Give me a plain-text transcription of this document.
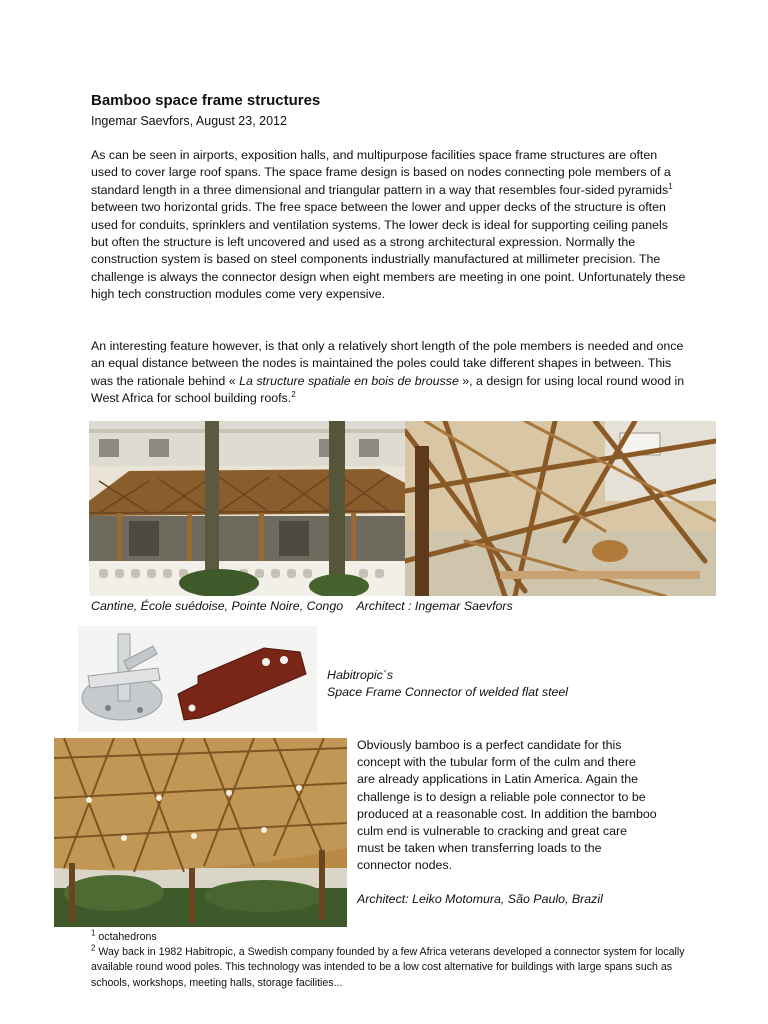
Bamboo space frame structures
Ingemar Saevfors, August 23, 2012

As can be seen in airports, exposition halls, and multipurpose facilities space frame structures are often used to cover large roof spans. The space frame design is based on nodes connecting pole members of a standard length in a three dimensional and triangular pattern in a way that resembles four-sided pyramids$^1$ between two horizontal grids. The free space between the lower and upper decks of the structure is often used for conduits, sprinklers and ventilation systems. The lower deck is ideal for supporting ceiling panels but often the structure is left uncovered and used as a strong architectural expression. Normally the construction system is based on steel components industrially manufactured at millimeter precision. The challenge is always the connector design when eight members are meeting in one point. Unfortunately these high tech construction modules come very expensive.

An interesting feature however, is that only a relatively short length of the pole members is needed and once an equal distance between the nodes is maintained the poles could take different shapes in between. This was the rationale behind « La structure spatiale en bois de brousse », a design for using local round wood in West Africa for school building roofs.$^2$

Cantine, École suédoise, Pointe Noire, Congo    Architect : Ingemar Saevfors
Habitropic´s
Space Frame Connector of welded flat steel

Obviously bamboo is a perfect candidate for this concept with the tubular form of the culm and there are already applications in Latin America. Again the challenge is to design a reliable pole connector to be produced at a reasonable cost. In addition the bamboo culm end is vulnerable to cracking and great care must be taken when transferring loads to the connector nodes.

Architect: Leiko Motomura, São Paulo, Brazil

$^1$ octahedrons

$^2$ Way back in 1982 Habitropic, a Swedish company founded by a few Africa veterans developed a connector system for locally available round wood poles. This technology was intended to be a low cost alternative for buildings with large spans such as schools, workshops, meeting halls, storage facilities...
